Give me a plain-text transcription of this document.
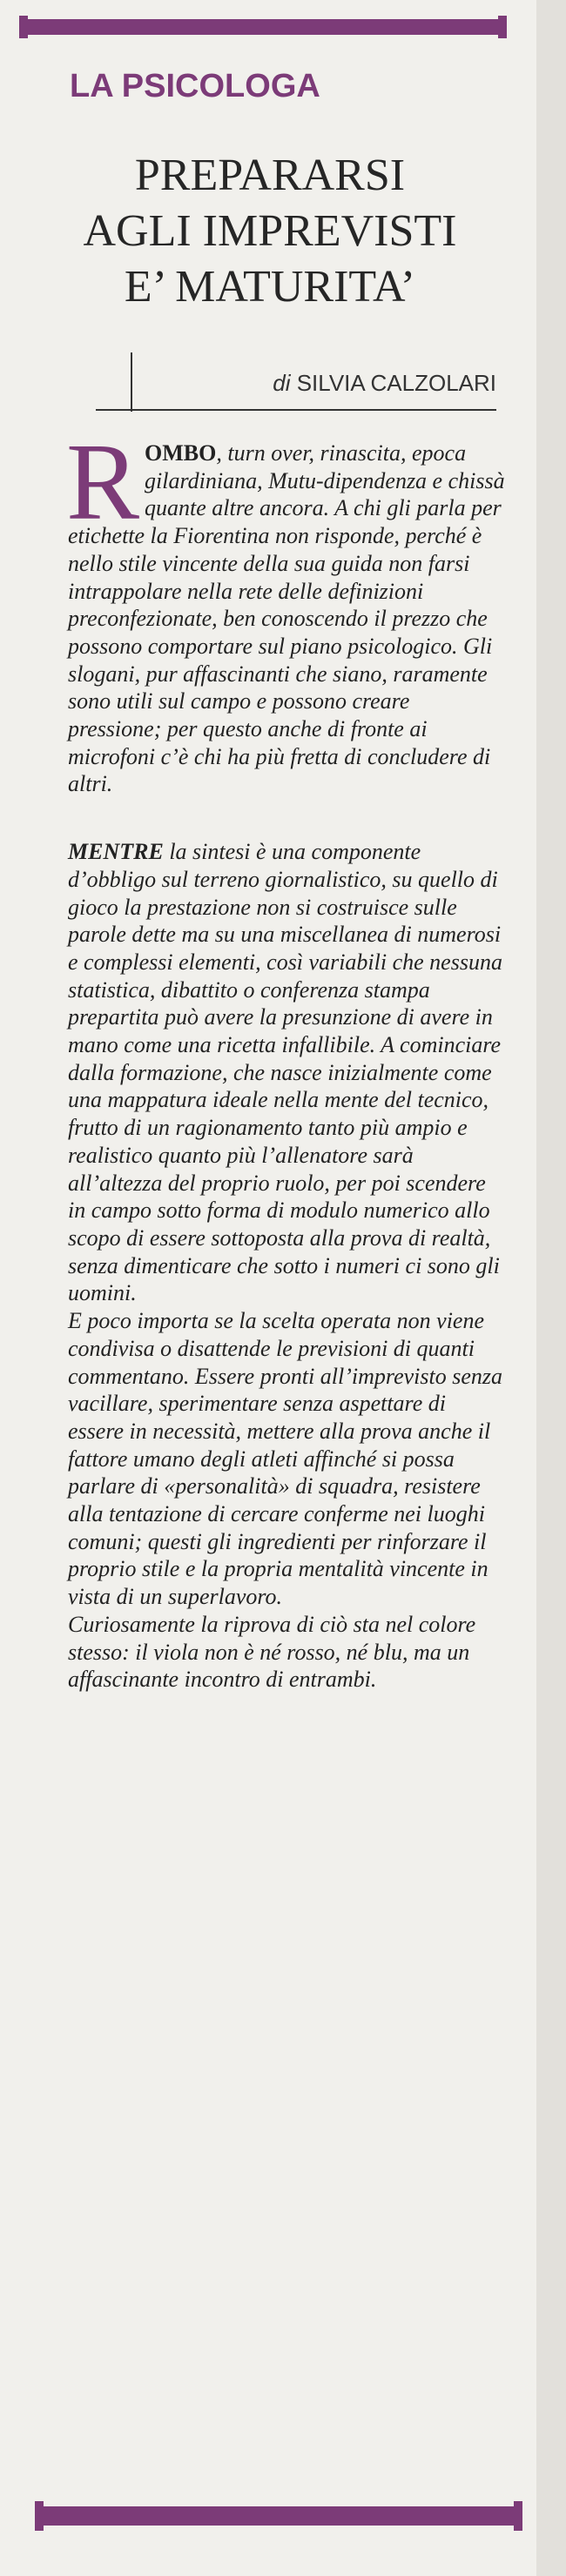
LA PSICOLOGA
PREPARARSI
AGLI IMPREVISTI
E’ MATURITA’
di SILVIA CALZOLARI

ROMBO, turn over, rinascita, epoca gilardiniana, Mutu-dipendenza e chissà quante altre ancora. A chi gli parla per etichette la Fiorentina non risponde, perché è nello stile vincente della sua guida non farsi intrappolare nella rete delle definizioni preconfezionate, ben conoscendo il prezzo che possono comportare sul piano psicologico. Gli slogani, pur affascinanti che siano, raramente sono utili sul campo e possono creare pressione; per questo anche di fronte ai microfoni c’è chi ha più fretta di concludere di altri.

MENTRE la sintesi è una componente d’obbligo sul terreno giornalistico, su quello di gioco la prestazione non si costruisce sulle parole dette ma su una miscellanea di numerosi e complessi elementi, così variabili che nessuna statistica, dibattito o conferenza stampa prepartita può avere la presunzione di avere in mano come una ricetta infallibile. A cominciare dalla formazione, che nasce inizialmente come una mappatura ideale nella mente del tecnico, frutto di un ragionamento tanto più ampio e realistico quanto più l’allenatore sarà all’altezza del proprio ruolo, per poi scendere in campo sotto forma di modulo numerico allo scopo di essere sottoposta alla prova di realtà, senza dimenticare che sotto i numeri ci sono gli uomini.

E poco importa se la scelta operata non viene condivisa o disattende le previsioni di quanti commentano. Essere pronti all’imprevisto senza vacillare, sperimentare senza aspettare di essere in necessità, mettere alla prova anche il fattore umano degli atleti affinché si possa parlare di «personalità» di squadra, resistere alla tentazione di cercare conferme nei luoghi comuni; questi gli ingredienti per rinforzare il proprio stile e la propria mentalità vincente in vista di un superlavoro.

Curiosamente la riprova di ciò sta nel colore stesso: il viola non è né rosso, né blu, ma un affascinante incontro di entrambi.
